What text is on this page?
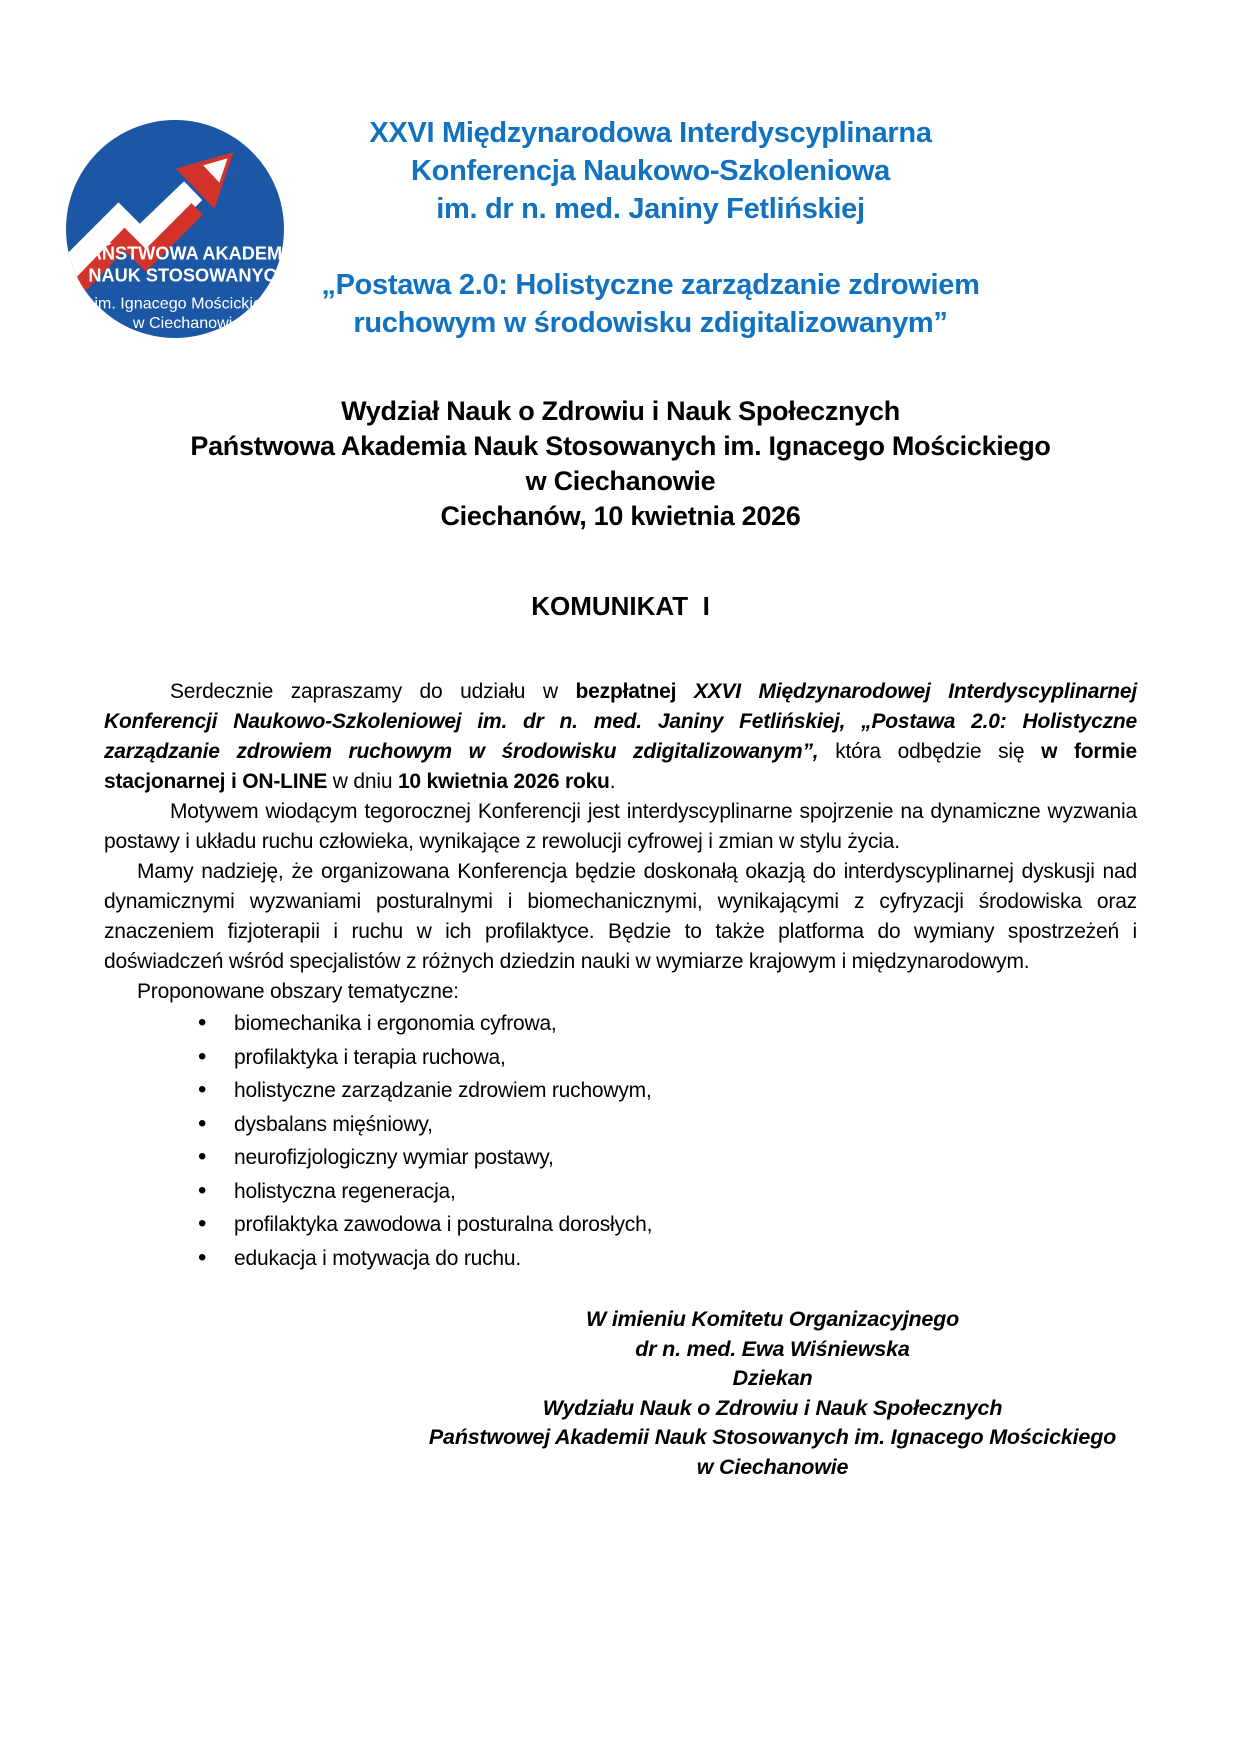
PAŃSTWOWA AKADEMIA
NAUK STOSOWANYCH
im. Ignacego Mościckiego
w Ciechanowie
XXVI Międzynarodowa Interdyscyplinarna
Konferencja Naukowo-Szkoleniowa
im. dr n. med. Janiny Fetlińskiej
„Postawa 2.0: Holistyczne zarządzanie zdrowiem
ruchowym w środowisku zdigitalizowanym”
Wydział Nauk o Zdrowiu i Nauk Społecznych
Państwowa Akademia Nauk Stosowanych im. Ignacego Mościckiego
w Ciechanowie
Ciechanów, 10 kwietnia 2026
KOMUNIKAT  I

Serdecznie zapraszamy do udziału w bezpłatnej XXVI Międzynarodowej Interdyscyplinarnej Konferencji Naukowo-Szkoleniowej im. dr n. med. Janiny Fetlińskiej, „Postawa 2.0: Holistyczne zarządzanie zdrowiem ruchowym w środowisku zdigitalizowanym”, która odbędzie się w formie stacjonarnej i ON-LINE w dniu 10 kwietnia 2026 roku.

Motywem wiodącym tegorocznej Konferencji jest interdyscyplinarne spojrzenie na dynamiczne wyzwania postawy i układu ruchu człowieka, wynikające z rewolucji cyfrowej i zmian w stylu życia.

Mamy nadzieję, że organizowana Konferencja będzie doskonałą okazją do interdyscyplinarnej dyskusji nad dynamicznymi wyzwaniami posturalnymi i biomechanicznymi, wynikającymi z cyfryzacji środowiska oraz znaczeniem fizjoterapii i ruchu w ich profilaktyce. Będzie to także platforma do wymiany spostrzeżeń i doświadczeń wśród specjalistów z różnych dziedzin nauki w wymiarze krajowym i międzynarodowym.

Proponowane obszary tematyczne:

• biomechanika i ergonomia cyfrowa,
• profilaktyka i terapia ruchowa,
• holistyczne zarządzanie zdrowiem ruchowym,
• dysbalans mięśniowy,
• neurofizjologiczny wymiar postawy,
• holistyczna regeneracja,
• profilaktyka zawodowa i posturalna dorosłych,
• edukacja i motywacja do ruchu.
W imieniu Komitetu Organizacyjnego
dr n. med. Ewa Wiśniewska
Dziekan
Wydziału Nauk o Zdrowiu i Nauk Społecznych
Państwowej Akademii Nauk Stosowanych im. Ignacego Mościckiego
w Ciechanowie
